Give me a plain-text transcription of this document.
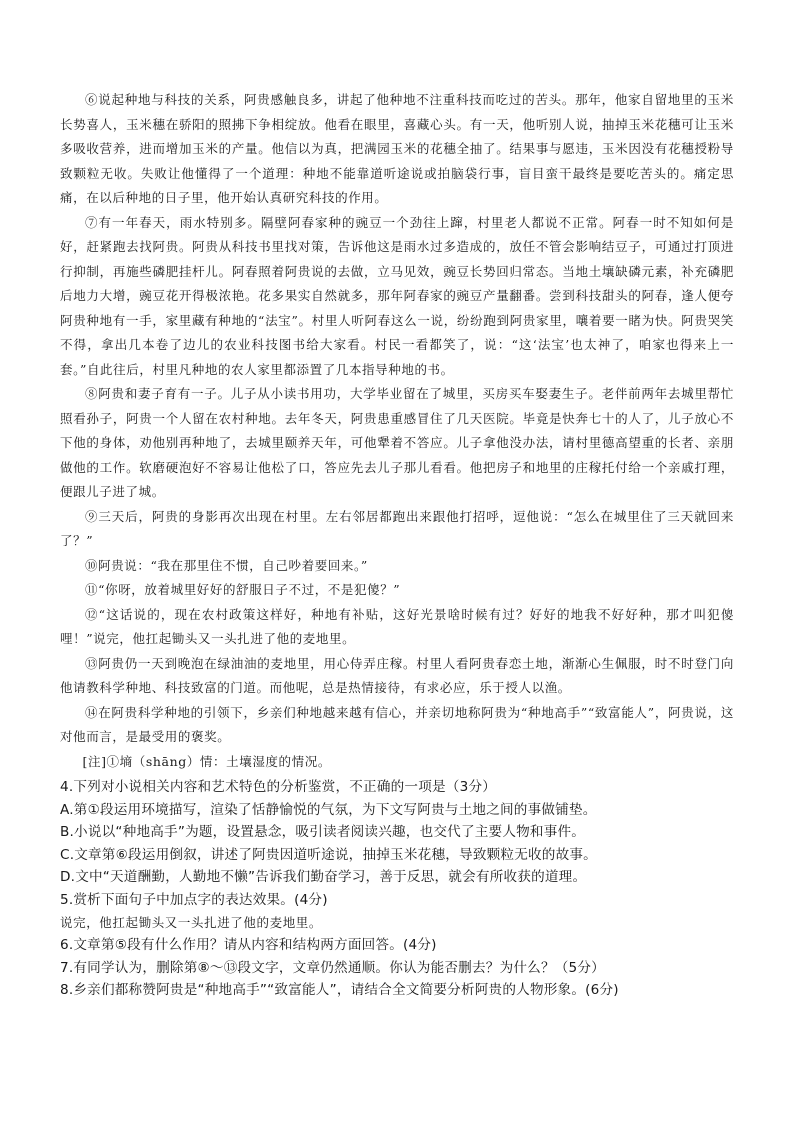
⑥说起种地与科技的关系，阿贵感触良多，讲起了他种地不注重科技而吃过的苦头。那年，他家自留地里的玉米长势喜人，玉米穗在骄阳的照拂下争相绽放。他看在眼里，喜藏心头。有一天，他听别人说，抽掉玉米花穗可让玉米多吸收营养，进而增加玉米的产量。他信以为真，把满园玉米的花穗全抽了。结果事与愿违，玉米因没有花穗授粉导致颗粒无收。失败让他懂得了一个道理：种地不能靠道听途说或拍脑袋行事，盲目蛮干最终是要吃苦头的。痛定思痛，在以后种地的日子里，他开始认真研究科技的作用。

⑦有一年春天，雨水特别多。隔壁阿春家种的豌豆一个劲往上蹿，村里老人都说不正常。阿春一时不知如何是好，赶紧跑去找阿贵。阿贵从科技书里找对策，告诉他这是雨水过多造成的，放任不管会影响结豆子，可通过打顶进行抑制，再施些磷肥挂杆儿。阿春照着阿贵说的去做，立马见效，豌豆长势回归常态。当地土壤缺磷元素，补充磷肥后地力大增，豌豆花开得极浓艳。花多果实自然就多，那年阿春家的豌豆产量翻番。尝到科技甜头的阿春，逢人便夸阿贵种地有一手，家里藏有种地的“法宝”。村里人听阿春这么一说，纷纷跑到阿贵家里，嚷着要一睹为快。阿贵哭笑不得，拿出几本卷了边儿的农业科技图书给大家看。村民一看都笑了，说：“这‘法宝’也太神了，咱家也得来上一套。”自此往后，村里凡种地的农人家里都添置了几本指导种地的书。

⑧阿贵和妻子育有一子。儿子从小读书用功，大学毕业留在了城里，买房买车娶妻生子。老伴前两年去城里帮忙照看孙子，阿贵一个人留在农村种地。去年冬天，阿贵患重感冒住了几天医院。毕竟是快奔七十的人了，儿子放心不下他的身体，劝他别再种地了，去城里颐养天年，可他犟着不答应。儿子拿他没办法，请村里德高望重的长者、亲朋做他的工作。软磨硬泡好不容易让他松了口，答应先去儿子那儿看看。他把房子和地里的庄稼托付给一个亲戚打理，便跟儿子进了城。

⑨三天后，阿贵的身影再次出现在村里。左右邻居都跑出来跟他打招呼，逗他说：“怎么在城里住了三天就回来了？”

⑩阿贵说：“我在那里住不惯，自己吵着要回来。”

⑪“你呀，放着城里好好的舒服日子不过，不是犯傻？”

⑫“这话说的，现在农村政策这样好，种地有补贴，这好光景啥时候有过？好好的地我不好好种，那才叫犯傻哩！”说完，他扛起锄头又一头扎进了他的麦地里。

⑬阿贵仍一天到晚泡在绿油油的麦地里，用心侍弄庄稼。村里人看阿贵春恋土地，渐渐心生佩服，时不时登门向他请教科学种地、科技致富的门道。而他呢，总是热情接待，有求必应，乐于授人以渔。

⑭在阿贵科学种地的引领下，乡亲们种地越来越有信心，并亲切地称阿贵为“种地高手”“致富能人”，阿贵说，这对他而言，是最受用的褒奖。

[注]①墒（shāng）情：土壤湿度的情况。

4.下列对小说相关内容和艺术特色的分析鉴赏，不正确的一项是（3分）

A.第①段运用环境描写，渲染了恬静愉悦的气氛，为下文写阿贵与土地之间的事做铺垫。

B.小说以“种地高手”为题，设置悬念，吸引读者阅读兴趣，也交代了主要人物和事件。

C.文章第⑥段运用倒叙，讲述了阿贵因道听途说，抽掉玉米花穗，导致颗粒无收的故事。

D.文中“天道酬勤，人勤地不懒”告诉我们勤奋学习，善于反思，就会有所收获的道理。

5.赏析下面句子中加点字的表达效果。(4分)

说完，他扛起锄头又一头扎进了他的麦地里。

6.文章第⑤段有什么作用？请从内容和结构两方面回答。(4分)

7.有同学认为，删除第⑧～⑬段文字，文章仍然通顺。你认为能否删去？为什么？（5分）

8.乡亲们都称赞阿贵是“种地高手”“致富能人”，请结合全文简要分析阿贵的人物形象。(6分)
